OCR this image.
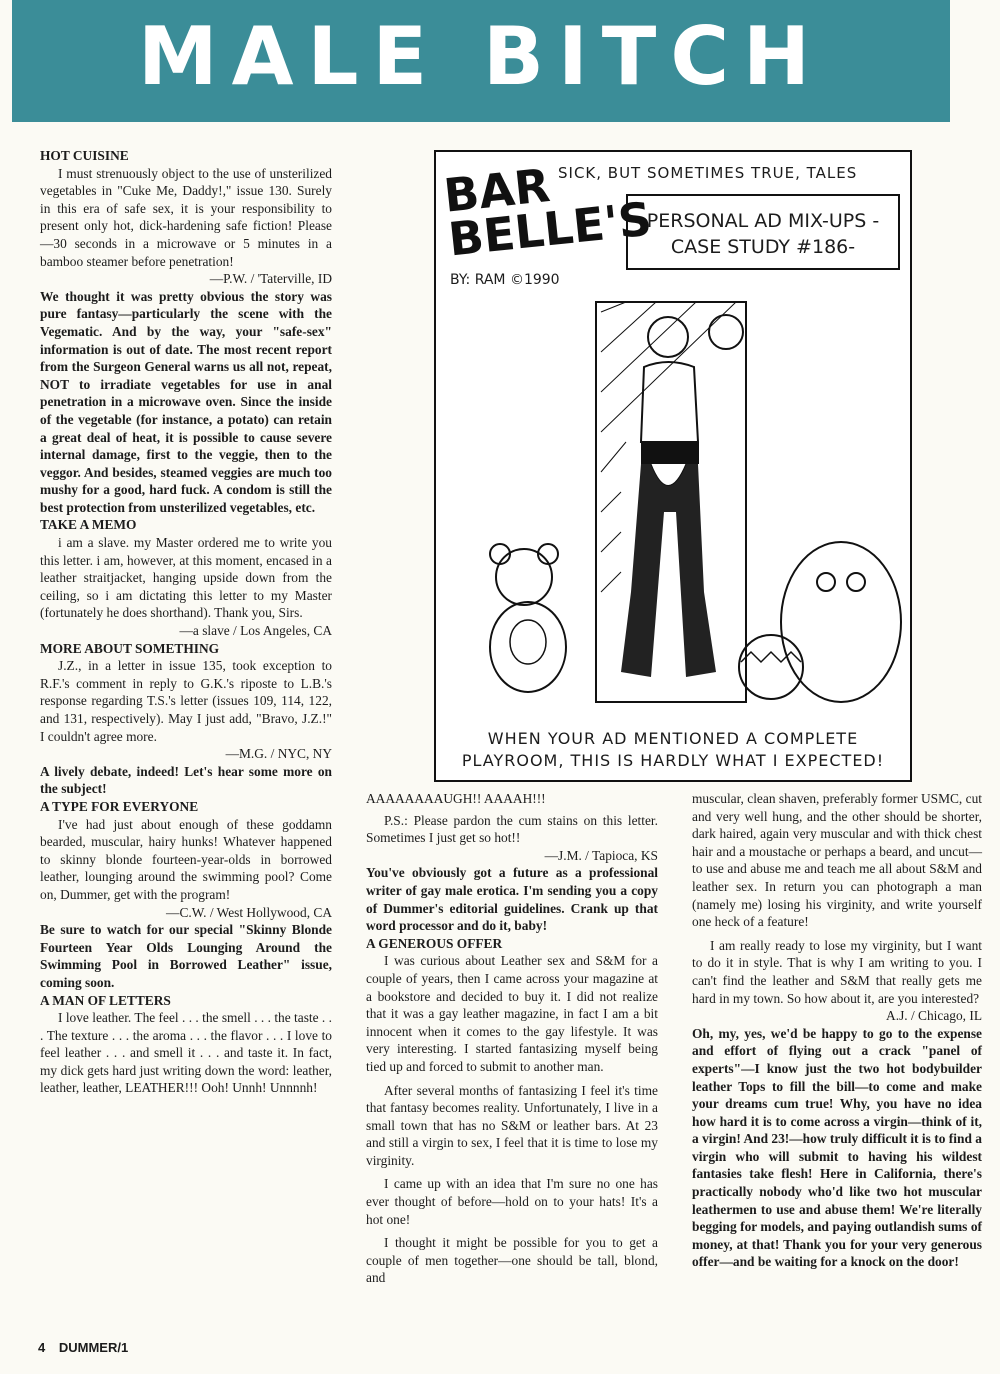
MALE BITCH

HOT CUISINE

I must strenuously object to the use of unsterilized vegetables in "Cuke Me, Daddy!," issue 130. Surely in this era of safe sex, it is your responsibility to present only hot, dick-hardening safe fiction! Please—30 seconds in a microwave or 5 minutes in a bamboo steamer before penetration!

—P.W. / 'Taterville, ID

We thought it was pretty obvious the story was pure fantasy—particularly the scene with the Vegematic. And by the way, your "safe-sex" information is out of date. The most recent report from the Surgeon General warns us all not, repeat, NOT to irradiate vegetables for use in anal penetration in a microwave oven. Since the inside of the vegetable (for instance, a potato) can retain a great deal of heat, it is possible to cause severe internal damage, first to the veggie, then to the veggor. And besides, steamed veggies are much too mushy for a good, hard fuck. A condom is still the best protection from unsterilized vegetables, etc.

TAKE A MEMO

i am a slave. my Master ordered me to write you this letter. i am, however, at this moment, encased in a leather straitjacket, hanging upside down from the ceiling, so i am dictating this letter to my Master (fortunately he does shorthand). Thank you, Sirs.

—a slave / Los Angeles, CA

MORE ABOUT SOMETHING

J.Z., in a letter in issue 135, took exception to R.F.'s comment in reply to G.K.'s riposte to L.B.'s response regarding T.S.'s letter (issues 109, 114, 122, and 131, respectively). May I just add, "Bravo, J.Z.!" I couldn't agree more.

—M.G. / NYC, NY

A lively debate, indeed! Let's hear some more on the subject!

A TYPE FOR EVERYONE

I've had just about enough of these goddamn bearded, muscular, hairy hunks! Whatever happened to skinny blonde fourteen-year-olds in borrowed leather, lounging around the swimming pool? Come on, Dummer, get with the program!

—C.W. / West Hollywood, CA

Be sure to watch for our special "Skinny Blonde Fourteen Year Olds Lounging Around the Swimming Pool in Borrowed Leather" issue, coming soon.

A MAN OF LETTERS

I love leather. The feel . . . the smell . . . the taste . . . The texture . . . the aroma . . . the flavor . . . I love to feel leather . . . and smell it . . . and taste it. In fact, my dick gets hard just writing down the word: leather, leather, leather, LEATHER!!! Ooh! Unnh! Unnnnh!

BAR BELLE'S
SICK, BUT SOMETIMES TRUE, TALES
BY: RAM ©1990
PERSONAL AD MIX-UPS -CASE STUDY #186-
WHEN YOUR AD MENTIONED A COMPLETE PLAYROOM, THIS IS HARDLY WHAT I EXPECTED!

AAAAAAAAUGH!! AAAAH!!!

P.S.: Please pardon the cum stains on this letter. Sometimes I just get so hot!!

—J.M. / Tapioca, KS

You've obviously got a future as a professional writer of gay male erotica. I'm sending you a copy of Dummer's editorial guidelines. Crank up that word processor and do it, baby!

A GENEROUS OFFER

I was curious about Leather sex and S&M for a couple of years, then I came across your magazine at a bookstore and decided to buy it. I did not realize that it was a gay leather magazine, in fact I am a bit innocent when it comes to the gay lifestyle. It was very interesting. I started fantasizing myself being tied up and forced to submit to another man.

After several months of fantasizing I feel it's time that fantasy becomes reality. Unfortunately, I live in a small town that has no S&M or leather bars. At 23 and still a virgin to sex, I feel that it is time to lose my virginity.

I came up with an idea that I'm sure no one has ever thought of before—hold on to your hats! It's a hot one!

I thought it might be possible for you to get a couple of men together—one should be tall, blond, and

muscular, clean shaven, preferably former USMC, cut and very well hung, and the other should be shorter, dark haired, again very muscular and with thick chest hair and a moustache or perhaps a beard, and uncut—to use and abuse me and teach me all about S&M and leather sex. In return you can photograph a man (namely me) losing his virginity, and write yourself one heck of a feature!

I am really ready to lose my virginity, but I want to do it in style. That is why I am writing to you. I can't find the leather and S&M that really gets me hard in my town. So how about it, are you interested?

A.J. / Chicago, IL

Oh, my, yes, we'd be happy to go to the expense and effort of flying out a crack "panel of experts"—I know just the two hot bodybuilder leather Tops to fill the bill—to come and make your dreams cum true! Why, you have no idea how hard it is to come across a virgin—think of it, a virgin! And 23!—how truly difficult it is to find a virgin who will submit to having his wildest fantasies take flesh! Here in California, there's practically nobody who'd like two hot muscular leathermen to use and abuse them! We're literally begging for models, and paying outlandish sums of money, at that! Thank you for your very generous offer—and be waiting for a knock on the door!

4 DUMMER/1
